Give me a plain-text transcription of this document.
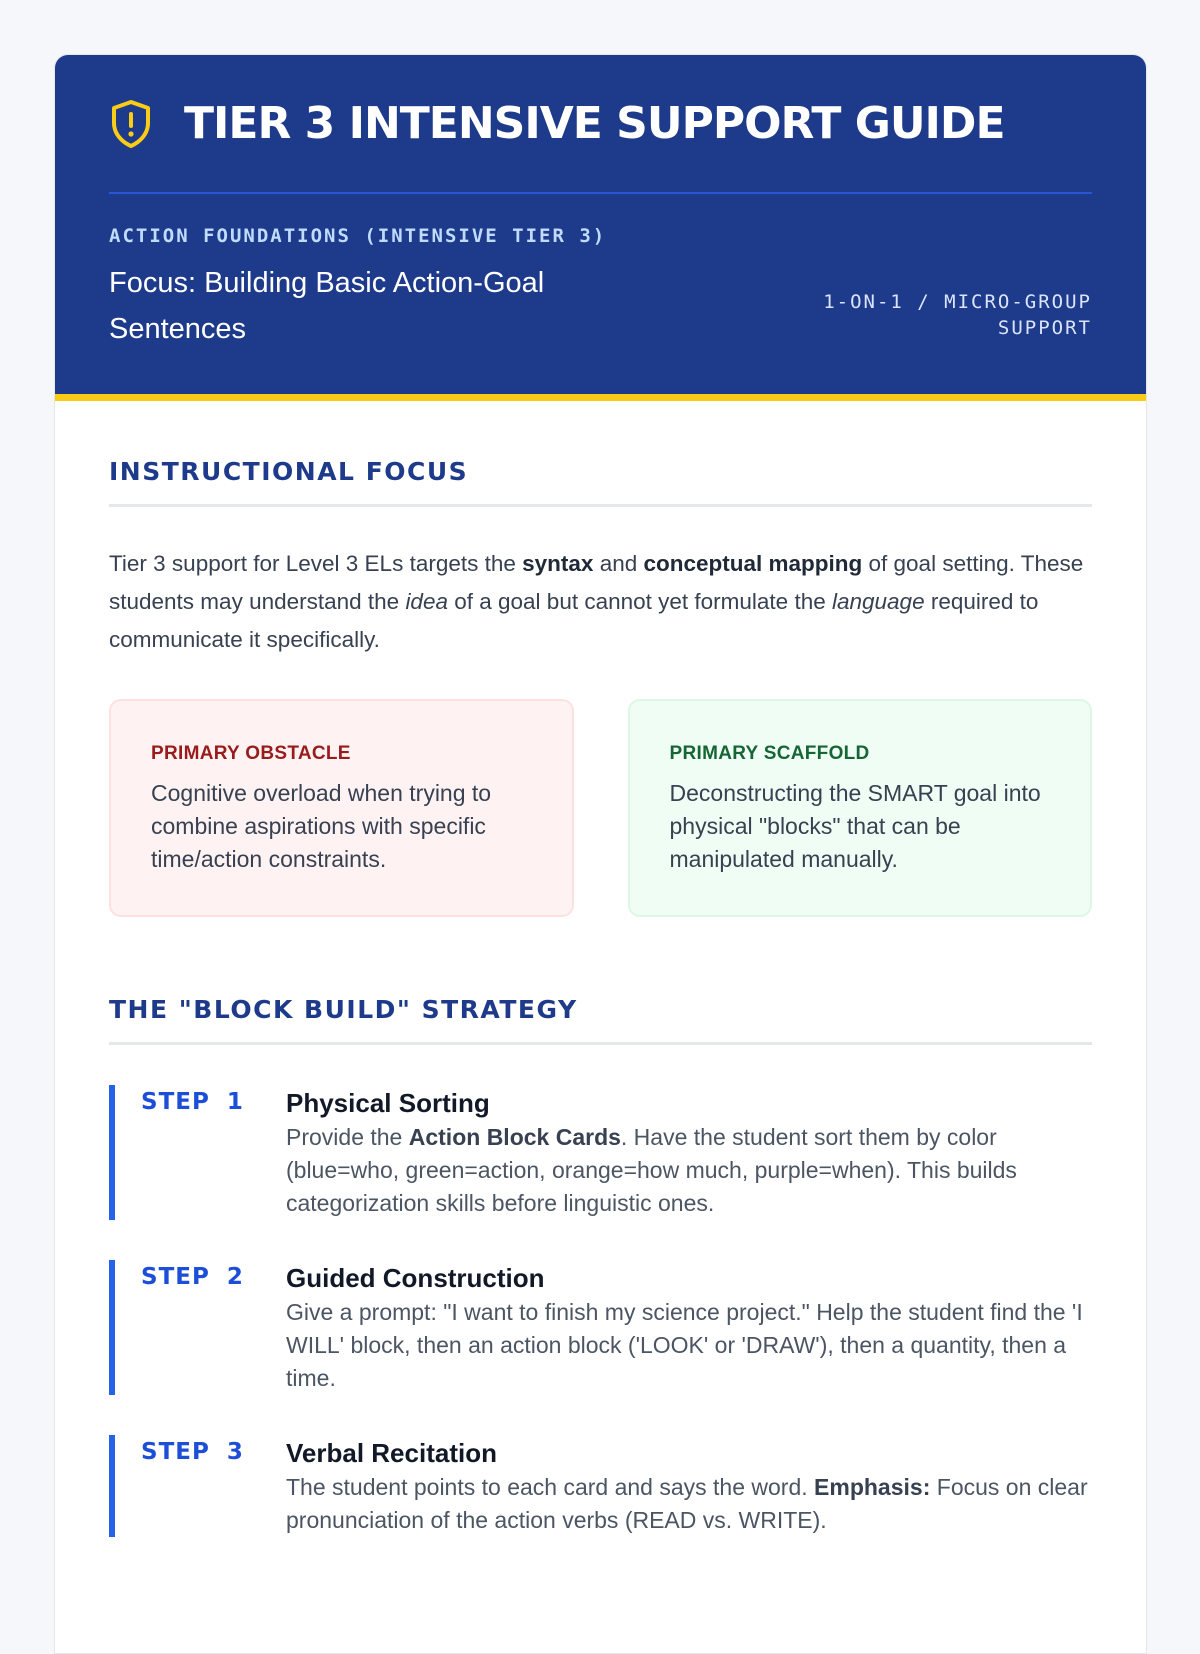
TIER 3 INTENSIVE SUPPORT GUIDE
ACTION FOUNDATIONS (INTENSIVE TIER 3)
Focus: Building Basic Action-Goal Sentences
1-ON-1 / MICRO-GROUP SUPPORT
INSTRUCTIONAL FOCUS

Tier 3 support for Level 3 ELs targets the syntax and conceptual mapping of goal setting. These students may understand the idea of a goal but cannot yet formulate the language required to communicate it specifically.

PRIMARY OBSTACLE
Cognitive overload when trying to combine aspirations with specific time/action constraints.
PRIMARY SCAFFOLD
Deconstructing the SMART goal into physical "blocks" that can be manipulated manually.
THE "BLOCK BUILD" STRATEGY
STEP 1	Physical Sorting
Provide the Action Block Cards. Have the student sort them by color (blue=who, green=action, orange=how much, purple=when). This builds categorization skills before linguistic ones.
STEP 2	Guided Construction
Give a prompt: "I want to finish my science project." Help the student find the 'I WILL' block, then an action block ('LOOK' or 'DRAW'), then a quantity, then a time.
STEP 3	Verbal Recitation
The student points to each card and says the word. Emphasis: Focus on clear pronunciation of the action verbs (READ vs. WRITE).
